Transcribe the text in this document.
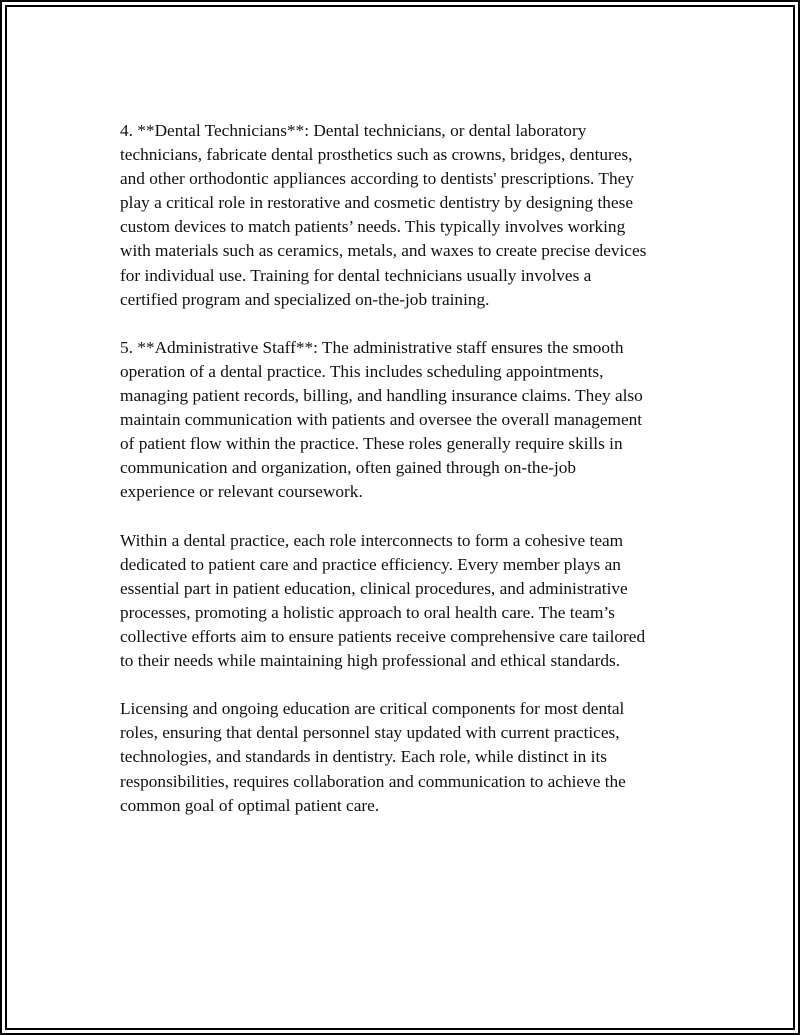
4. **Dental Technicians**: Dental technicians, or dental laboratory
technicians, fabricate dental prosthetics such as crowns, bridges, dentures,
and other orthodontic appliances according to dentists' prescriptions. They
play a critical role in restorative and cosmetic dentistry by designing these
custom devices to match patients’ needs. This typically involves working
with materials such as ceramics, metals, and waxes to create precise devices
for individual use. Training for dental technicians usually involves a
certified program and specialized on-the-job training.

5. **Administrative Staff**: The administrative staff ensures the smooth
operation of a dental practice. This includes scheduling appointments,
managing patient records, billing, and handling insurance claims. They also
maintain communication with patients and oversee the overall management
of patient flow within the practice. These roles generally require skills in
communication and organization, often gained through on-the-job
experience or relevant coursework.

Within a dental practice, each role interconnects to form a cohesive team
dedicated to patient care and practice efficiency. Every member plays an
essential part in patient education, clinical procedures, and administrative
processes, promoting a holistic approach to oral health care. The team’s
collective efforts aim to ensure patients receive comprehensive care tailored
to their needs while maintaining high professional and ethical standards.

Licensing and ongoing education are critical components for most dental
roles, ensuring that dental personnel stay updated with current practices,
technologies, and standards in dentistry. Each role, while distinct in its
responsibilities, requires collaboration and communication to achieve the
common goal of optimal patient care.
